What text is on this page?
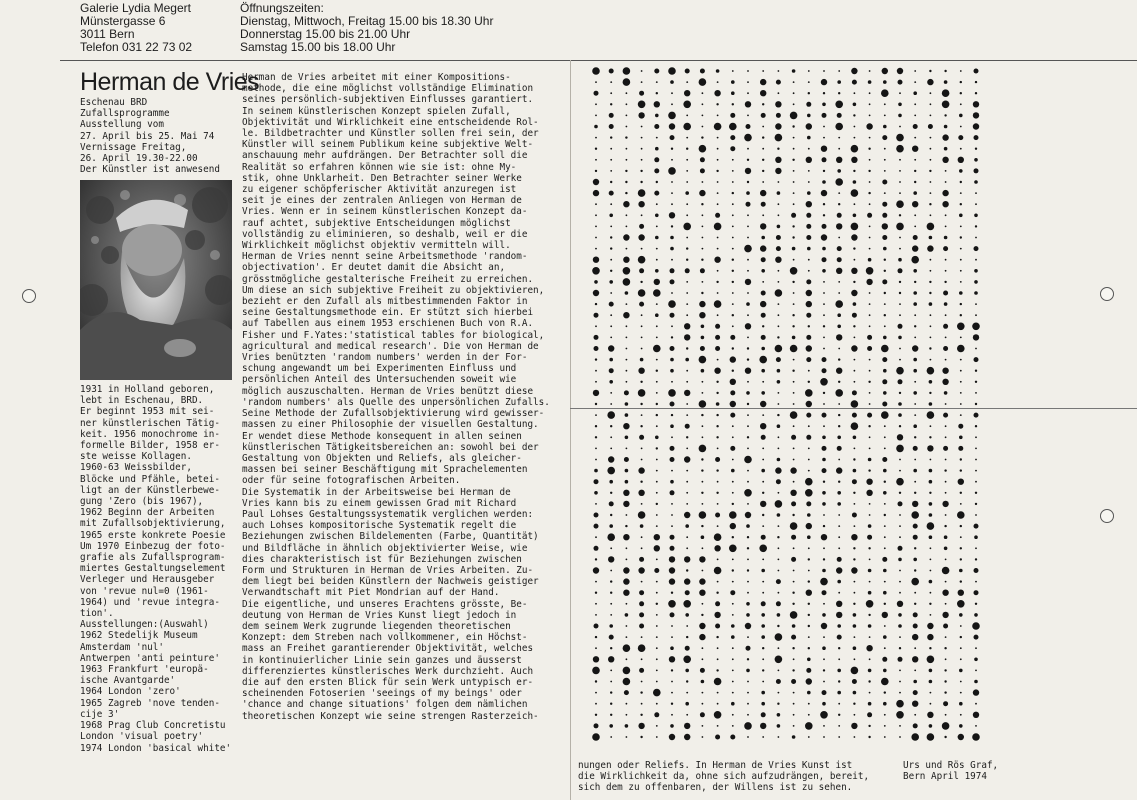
Galerie Lydia Megert
Münstergasse 6
3011 Bern
Telefon 031 22 73 02
Öffnungszeiten:
Dienstag, Mittwoch, Freitag 15.00 bis 18.30 Uhr
Donnerstag 15.00 bis 21.00 Uhr
Samstag 15.00 bis 18.00 Uhr
Herman de Vries
Eschenau BRD
Zufallsprogramme
Ausstellung vom
27. April bis 25. Mai 74
Vernissage Freitag,
26. April 19.30-22.00
Der Künstler ist anwesend
1931 in Holland geboren,
lebt in Eschenau, BRD.
Er beginnt 1953 mit sei-
ner künstlerischen Tätig-
keit. 1956 monochrome in-
formelle Bilder, 1958 er-
ste weisse Kollagen.
1960-63 Weissbilder,
Blöcke und Pfähle, betei-
ligt an der Künstlerbewe-
gung 'Zero (bis 1967),
1962 Beginn der Arbeiten
mit Zufallsobjektivierung,
1965 erste konkrete Poesie
Um 1970 Einbezug der foto-
grafie als Zufallsprogram-
miertes Gestaltungselement
Verleger und Herausgeber
von 'revue nul=0 (1961-
1964) und 'revue integra-
tion'.
Ausstellungen:(Auswahl)
1962 Stedelijk Museum
Amsterdam 'nul'
Antwerpen 'anti peinture'
1963 Frankfurt 'europä-
ische Avantgarde'
1964 London 'zero'
1965 Zagreb 'nove tenden-
cije 3'
1968 Prag Club Concretistu
London 'visual poetry'
1974 London 'basical white'
Herman de Vries arbeitet mit einer Kompositions-
methode, die eine möglichst vollständige Elimination
seines persönlich-subjektiven Einflusses garantiert.
In seinem künstlerischen Konzept spielen Zufall,
Objektivität und Wirklichkeit eine entscheidende Rol-
le. Bildbetrachter und Künstler sollen frei sein, der
Künstler will seinem Publikum keine subjektive Welt-
anschauung mehr aufdrängen. Der Betrachter soll die
Realität so erfahren können wie sie ist: ohne My-
stik, ohne Unklarheit. Den Betrachter seiner Werke
zu eigener schöpferischer Aktivität anzuregen ist
seit je eines der zentralen Anliegen von Herman de
Vries. Wenn er in seinem künstlerischen Konzept da-
rauf achtet, subjektive Entscheidungen möglichst
vollständig zu eliminieren, so deshalb, weil er die
Wirklichkeit möglichst objektiv vermitteln will.
Herman de Vries nennt seine Arbeitsmethode 'random-
objectivation'. Er deutet damit die Absicht an,
grösstmögliche gestalterische Freiheit zu erreichen.
Um diese an sich subjektive Freiheit zu objektivieren,
bezieht er den Zufall als mitbestimmenden Faktor in
seine Gestaltungsmethode ein. Er stützt sich hierbei
auf Tabellen aus einem 1953 erschienen Buch von R.A.
Fisher und F.Yates:'statistical tables for biological,
agricultural and medical research'. Die von Herman de
Vries benützten 'random numbers' werden in der For-
schung angewandt um bei Experimenten Einfluss und
persönlichen Anteil des Untersuchenden soweit wie
möglich auszuschalten. Herman de Vries benützt diese
'random numbers' als Quelle des unpersönlichen Zufalls.
Seine Methode der Zufallsobjektivierung wird gewisser-
massen zu einer Philosophie der visuellen Gestaltung.
Er wendet diese Methode konsequent in allen seinen
künstlerischen Tätigkeitsbereichen an: sowohl bei der
Gestaltung von Objekten und Reliefs, als gleicher-
massen bei seiner Beschäftigung mit Sprachelementen
oder für seine fotografischen Arbeiten.
Die Systematik in der Arbeitsweise bei Herman de
Vries kann bis zu einem gewissen Grad mit Richard
Paul Lohses Gestaltungssystematik verglichen werden:
auch Lohses kompositorische Systematik regelt die
Beziehungen zwischen Bildelementen (Farbe, Quantität)
und Bildfläche in ähnlich objektivierter Weise, wie
dies charakteristisch ist für Beziehungen zwischen
Form und Strukturen in Herman de Vries Arbeiten. Zu-
dem liegt bei beiden Künstlern der Nachweis geistiger
Verwandtschaft mit Piet Mondrian auf der Hand.
Die eigentliche, und unseres Erachtens grösste, Be-
deutung von Herman de Vries Kunst liegt jedoch in
dem seinem Werk zugrunde liegenden theoretischen
Konzept: dem Streben nach vollkommener, ein Höchst-
mass an Freihet garantierender Objektivität, welches
in kontinuierlicher Linie sein ganzes und äusserst
differenziertes künstlerisches Werk durchzieht. Auch
die auf den ersten Blick für sein Werk untypisch er-
scheinenden Fotoserien 'seeings of my beings' oder
'chance and change situations' folgen dem nämlichen
theoretischen Konzept wie seine strengen Rasterzeich-
nungen oder Reliefs. In Herman de Vries Kunst ist
die Wirklichkeit da, ohne sich aufzudrängen, bereit,
sich dem zu offenbaren, der Willens ist zu sehen.
Urs und Rös Graf,
Bern April 1974
